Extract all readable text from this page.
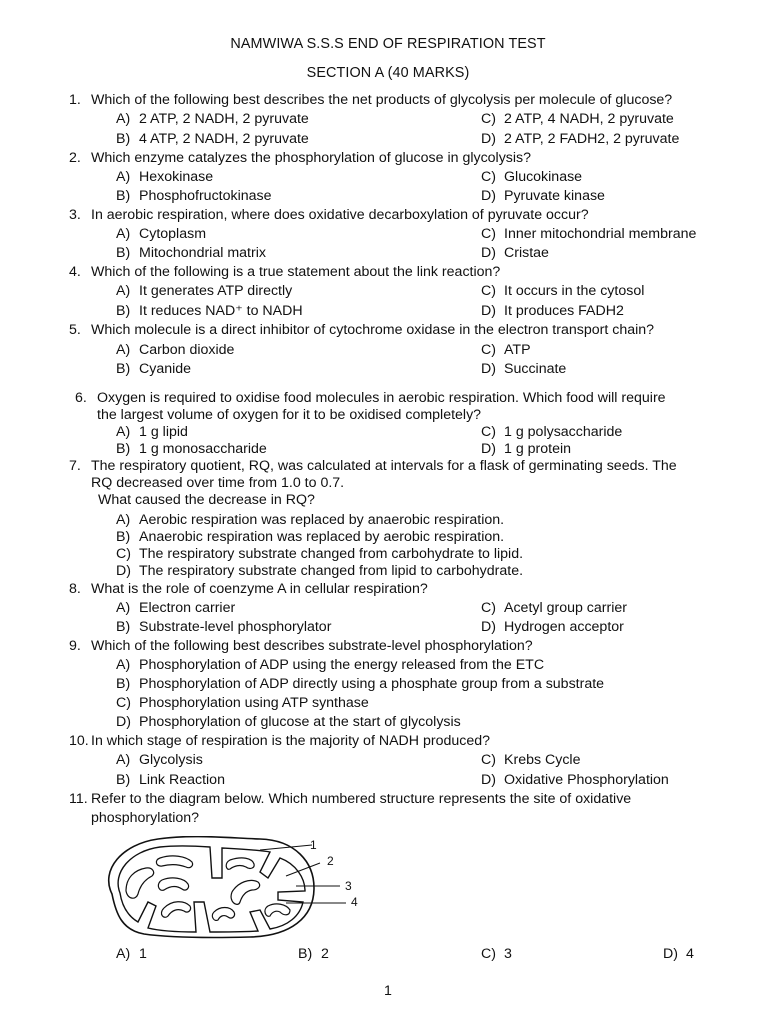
NAMWIWA S.S.S END OF RESPIRATION TEST
SECTION A (40 MARKS)
1. Which of the following best describes the net products of glycolysis per molecule of glucose?
A) 2 ATP, 2 NADH, 2 pyruvate	C) 2 ATP, 4 NADH, 2 pyruvate
B) 4 ATP, 2 NADH, 2 pyruvate	D) 2 ATP, 2 FADH2, 2 pyruvate
2. Which enzyme catalyzes the phosphorylation of glucose in glycolysis?
A) Hexokinase	C) Glucokinase
B) Phosphofructokinase	D) Pyruvate kinase
3. In aerobic respiration, where does oxidative decarboxylation of pyruvate occur?
A) Cytoplasm	C) Inner mitochondrial membrane
B) Mitochondrial matrix	D) Cristae
4. Which of the following is a true statement about the link reaction?
A) It generates ATP directly	C) It occurs in the cytosol
B) It reduces NAD⁺ to NADH	D) It produces FADH2
5. Which molecule is a direct inhibitor of cytochrome oxidase in the electron transport chain?
A) Carbon dioxide	C) ATP
B) Cyanide	D) Succinate
6. Oxygen is required to oxidise food molecules in aerobic respiration. Which food will require
the largest volume of oxygen for it to be oxidised completely?
A) 1 g lipid	C) 1 g polysaccharide
B) 1 g monosaccharide	D) 1 g protein
7. The respiratory quotient, RQ, was calculated at intervals for a flask of germinating seeds. The
RQ decreased over time from 1.0 to 0.7.
What caused the decrease in RQ?
A) Aerobic respiration was replaced by anaerobic respiration.
B) Anaerobic respiration was replaced by aerobic respiration.
C) The respiratory substrate changed from carbohydrate to lipid.
D) The respiratory substrate changed from lipid to carbohydrate.
8. What is the role of coenzyme A in cellular respiration?
A) Electron carrier	C) Acetyl group carrier
B) Substrate-level phosphorylator	D) Hydrogen acceptor
9. Which of the following best describes substrate-level phosphorylation?
A) Phosphorylation of ADP using the energy released from the ETC
B) Phosphorylation of ADP directly using a phosphate group from a substrate
C) Phosphorylation using ATP synthase
D) Phosphorylation of glucose at the start of glycolysis
10. In which stage of respiration is the majority of NADH produced?
A) Glycolysis	C) Krebs Cycle
B) Link Reaction	D) Oxidative Phosphorylation
11. Refer to the diagram below. Which numbered structure represents the site of oxidative
phosphorylation?
1
2
3
4
A) 1	B) 2	C) 3	D) 4
1
